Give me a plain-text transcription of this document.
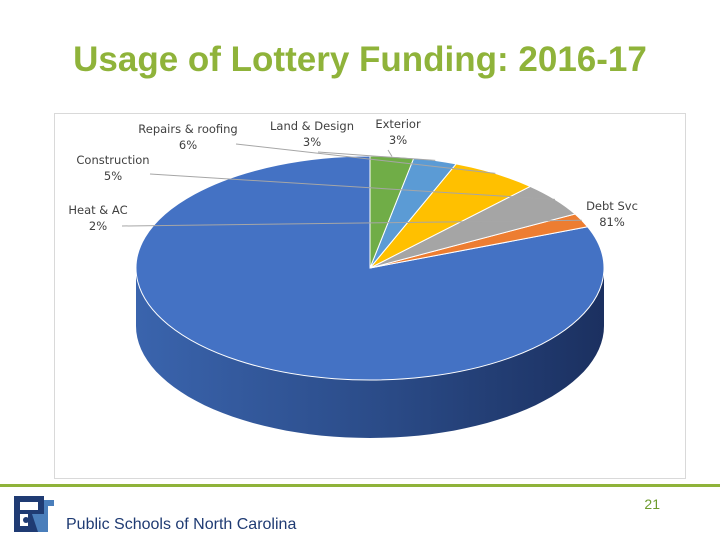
Usage of Lottery Funding: 2016-17
Debt Svc
81%
Heat & AC
2%
Construction
5%
Repairs & roofing
6%
Land & Design
3%
Exterior
3%
21
Public Schools of North Carolina
